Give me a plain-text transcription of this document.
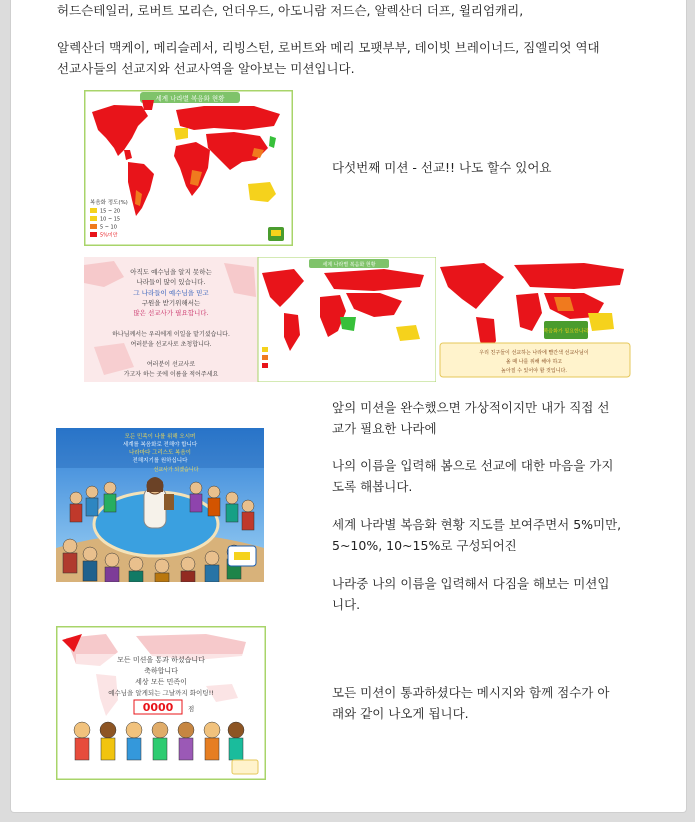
허드슨테일러, 로버트 모리슨, 언더우드, 아도니람 저드슨, 알렉산더 더프, 윌리엄캐리,
알렉산더 맥케이, 메리슬레서, 리빙스턴, 로버트와 메리 모팻부부, 데이빗 브레이너드, 짐엘리엇 역대
선교사들의 선교지와 선교사역을 알아보는 미션입니다.
세계 나라별 복음화 현황
복음화 정도(%)
15 ~ 20
10 ~ 15
5 ~ 10
5%미만
다섯번째 미션 - 선교!! 나도 할수 있어요
아직도 예수님을 알지 못하는
나라들이 많이 있습니다.
그 나라들이 예수님을 믿고
구원을 받기위해서는
많은 선교사가 필요합니다.
하나님께서는 우리에게 이일을 맡기셨습니다.
여러분을 선교사로 초청합니다.
여러분이 선교사로
가고자 하는 곳에 이름을 적어주세요
세계 나라별 복음화 현황
복음화가 필요한나라
우리 친구들이 선교하는 나라에 빨간색 선교사님이
올 때 나를 위해 해야 하고
높아질 수 있어야 할 것입니다.
앞의 미션을 완수했으면 가상적이지만 내가 직접 선
교가 필요한 나라에
나의 이름을 입력해 봄으로 선교에 대한 마음을 가지
도록 해봅니다.
세계 나라별 복음화 현황 지도를 보여주면서 5%미만,
5~10%, 10~15%로 구성되어진
나라중 나의 이름을 입력해서 다짐을 해보는 미션입
니다.
모든 민족이 나를 위해 오시며
세계를 복음화로 전해야 합니다
나라마다 그리스도 복음이
전해지기를 원하십니다
선교사가 되겠습니다
모든 미션을 통과 하셨습니다
축하합니다
세상 모든 민족이
예수님을 알게되는 그날까지 화이팅!!
0000 점
모든 미션이 통과하셨다는 메시지와 함께 점수가 아
래와 같이 나오게 됩니다.
